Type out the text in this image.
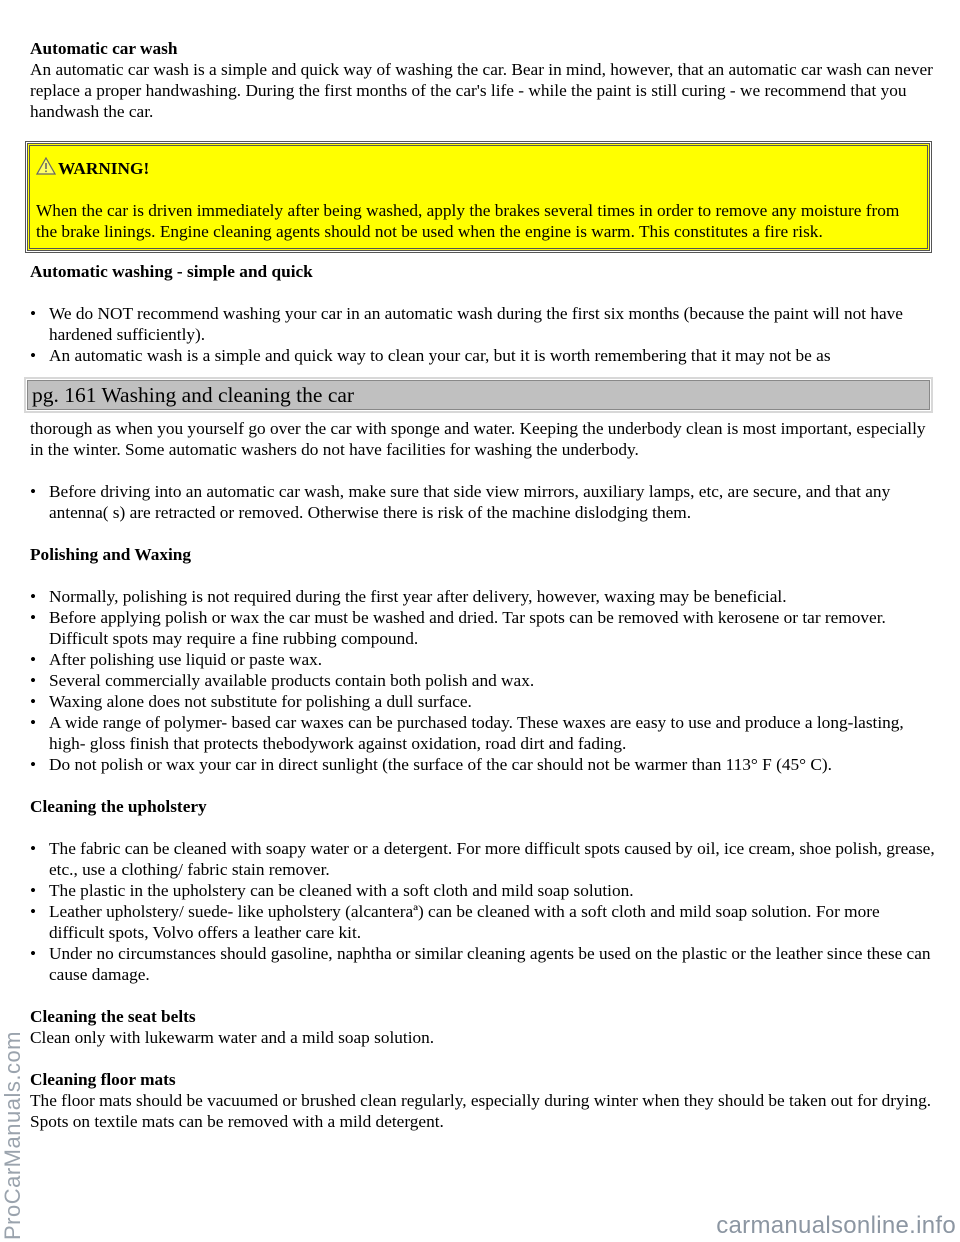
Automatic car wash

An automatic car wash is a simple and quick way of washing the car. Bear in mind, however, that an automatic car wash can never replace a proper handwashing. During the first months of the car's life - while the paint is still curing - we recommend that you handwash the car.

WARNING!

When the car is driven immediately after being washed, apply the brakes several times in order to remove any moisture from the brake linings. Engine cleaning agents should not be used when the engine is warm. This constitutes a fire risk.

Automatic washing - simple and quick

• We do NOT recommend washing your car in an automatic wash during the first six months (because the paint will not have hardened sufficiently).
• An automatic wash is a simple and quick way to clean your car, but it is worth remembering that it may not be as
pg. 161 Washing and cleaning the car

thorough as when you yourself go over the car with sponge and water. Keeping the underbody clean is most important, especially in the winter. Some automatic washers do not have facilities for washing the underbody.

• Before driving into an automatic car wash, make sure that side view mirrors, auxiliary lamps, etc, are secure, and that any antenna( s) are retracted or removed. Otherwise there is risk of the machine dislodging them.

Polishing and Waxing

• Normally, polishing is not required during the first year after delivery, however, waxing may be beneficial.
• Before applying polish or wax the car must be washed and dried. Tar spots can be removed with kerosene or tar remover. Difficult spots may require a fine rubbing compound.
• After polishing use liquid or paste wax.
• Several commercially available products contain both polish and wax.
• Waxing alone does not substitute for polishing a dull surface.
• A wide range of polymer- based car waxes can be purchased today. These waxes are easy to use and produce a long-lasting, high- gloss finish that protects thebodywork against oxidation, road dirt and fading.
• Do not polish or wax your car in direct sunlight (the surface of the car should not be warmer than 113° F (45° C).

Cleaning the upholstery

• The fabric can be cleaned with soapy water or a detergent. For more difficult spots caused by oil, ice cream, shoe polish, grease, etc., use a clothing/ fabric stain remover.
• The plastic in the upholstery can be cleaned with a soft cloth and mild soap solution.
• Leather upholstery/ suede- like upholstery (alcanteraª) can be cleaned with a soft cloth and mild soap solution. For more difficult spots, Volvo offers a leather care kit.
• Under no circumstances should gasoline, naphtha or similar cleaning agents be used on the plastic or the leather since these can cause damage.

Cleaning the seat belts

Clean only with lukewarm water and a mild soap solution.

Cleaning floor mats

The floor mats should be vacuumed or brushed clean regularly, especially during winter when they should be taken out for drying. Spots on textile mats can be removed with a mild detergent.

ProCarManuals.com	carmanualsonline.info
